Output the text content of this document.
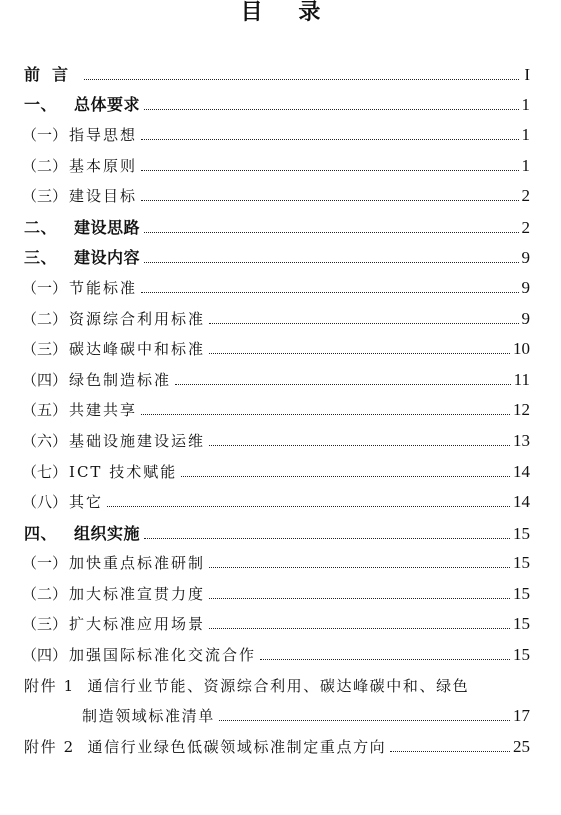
目 录
前言	I
一、 总体要求	1
（一） 指导思想	1
（二） 基本原则	1
（三） 建设目标	2
二、 建设思路	2
三、 建设内容	9
（一） 节能标准	9
（二） 资源综合利用标准	9
（三） 碳达峰碳中和标准	10
（四） 绿色制造标准	11
（五） 共建共享	12
（六） 基础设施建设运维	13
（七） ICT 技术赋能	14
（八） 其它	14
四、 组织实施	15
（一） 加快重点标准研制	15
（二） 加大标准宣贯力度	15
（三） 扩大标准应用场景	15
（四） 加强国际标准化交流合作	15
附件 1 通信行业节能、资源综合利用、碳达峰碳中和、绿色
制造领域标准清单	17
附件 2 通信行业绿色低碳领域标准制定重点方向	25
